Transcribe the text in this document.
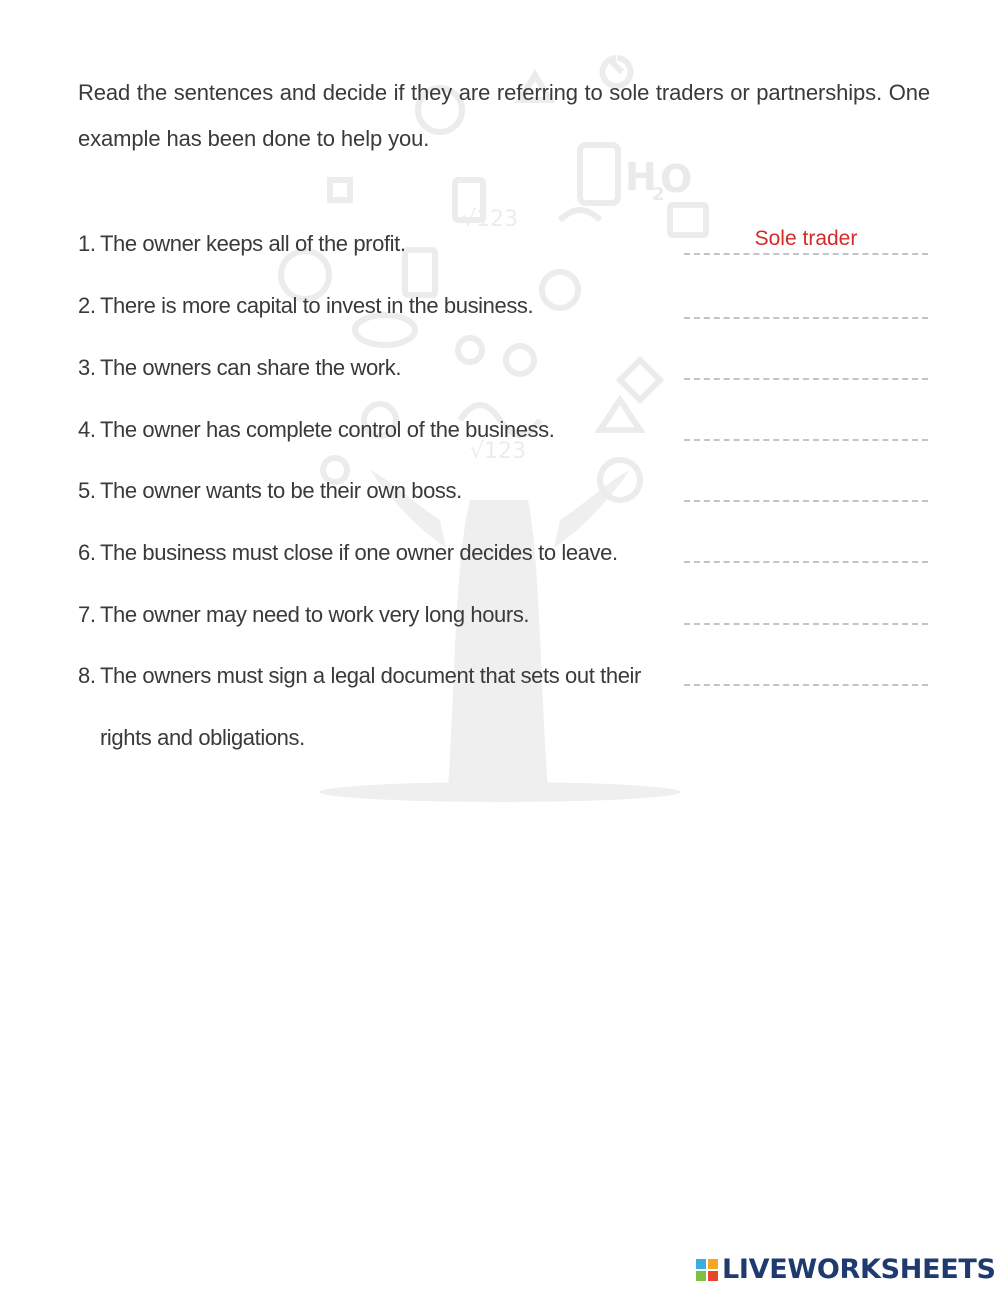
H O
2
√123
√123

Read the sentences and decide if they are referring to sole traders or partnerships. One example has been done to help you.

1. The owner keeps all of the profit.
Sole trader
2. There is more capital to invest in the business.
3. The owners can share the work.
4. The owner has complete control of the business.
5. The owner wants to be their own boss.
6. The business must close if one owner decides to leave.
7. The owner may need to work very long hours.
8. The owners must sign a legal document that sets out their
rights and obligations.
LIVEWORKSHEETS
